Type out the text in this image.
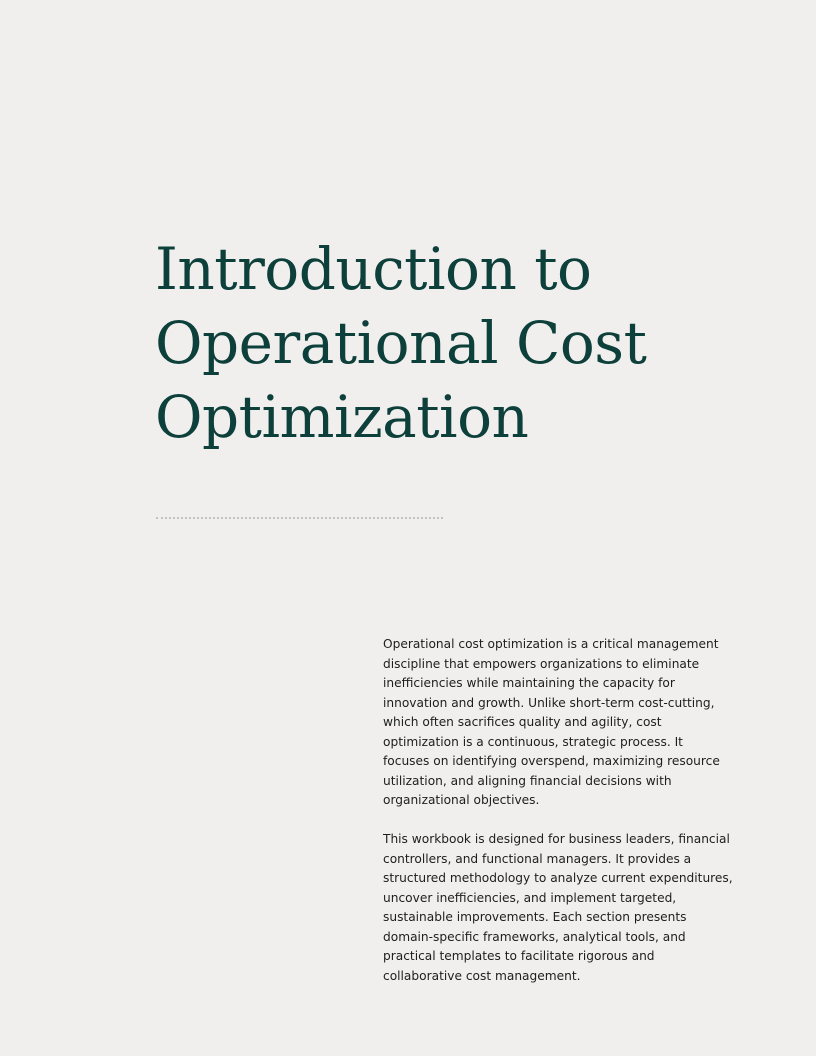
Introduction to
Operational Cost
Optimization

Operational cost optimization is a critical management
discipline that empowers organizations to eliminate
inefficiencies while maintaining the capacity for
innovation and growth. Unlike short-term cost-cutting,
which often sacrifices quality and agility, cost
optimization is a continuous, strategic process. It
focuses on identifying overspend, maximizing resource
utilization, and aligning financial decisions with
organizational objectives.

This workbook is designed for business leaders, financial
controllers, and functional managers. It provides a
structured methodology to analyze current expenditures,
uncover inefficiencies, and implement targeted,
sustainable improvements. Each section presents
domain-specific frameworks, analytical tools, and
practical templates to facilitate rigorous and
collaborative cost management.
